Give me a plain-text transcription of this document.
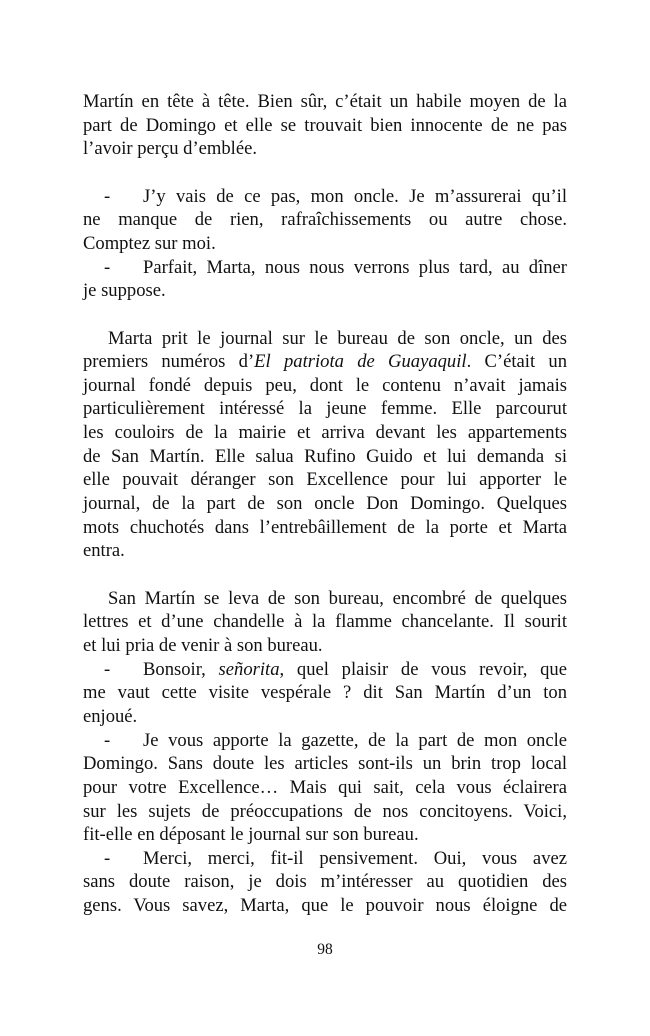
Martín en tête à tête. Bien sûr, c’était un habile moyen de la
part de Domingo et elle se trouvait bien innocente de ne pas
l’avoir perçu d’emblée.
- J’y vais de ce pas, mon oncle. Je m’assurerai qu’il
ne manque de rien, rafraîchissements ou autre chose.
Comptez sur moi.
- Parfait, Marta, nous nous verrons plus tard, au dîner
je suppose.
Marta prit le journal sur le bureau de son oncle, un des
premiers numéros d’El patriota de Guayaquil. C’était un
journal fondé depuis peu, dont le contenu n’avait jamais
particulièrement intéressé la jeune femme. Elle parcourut
les couloirs de la mairie et arriva devant les appartements
de San Martín. Elle salua Rufino Guido et lui demanda si
elle pouvait déranger son Excellence pour lui apporter le
journal, de la part de son oncle Don Domingo. Quelques
mots chuchotés dans l’entrebâillement de la porte et Marta
entra.
San Martín se leva de son bureau, encombré de quelques
lettres et d’une chandelle à la flamme chancelante. Il sourit
et lui pria de venir à son bureau.
- Bonsoir, señorita, quel plaisir de vous revoir, que
me vaut cette visite vespérale ? dit San Martín d’un ton
enjoué.
- Je vous apporte la gazette, de la part de mon oncle
Domingo. Sans doute les articles sont-ils un brin trop local
pour votre Excellence… Mais qui sait, cela vous éclairera
sur les sujets de préoccupations de nos concitoyens. Voici,
fit-elle en déposant le journal sur son bureau.
- Merci, merci, fit-il pensivement. Oui, vous avez
sans doute raison, je dois m’intéresser au quotidien des
gens. Vous savez, Marta, que le pouvoir nous éloigne de
98
